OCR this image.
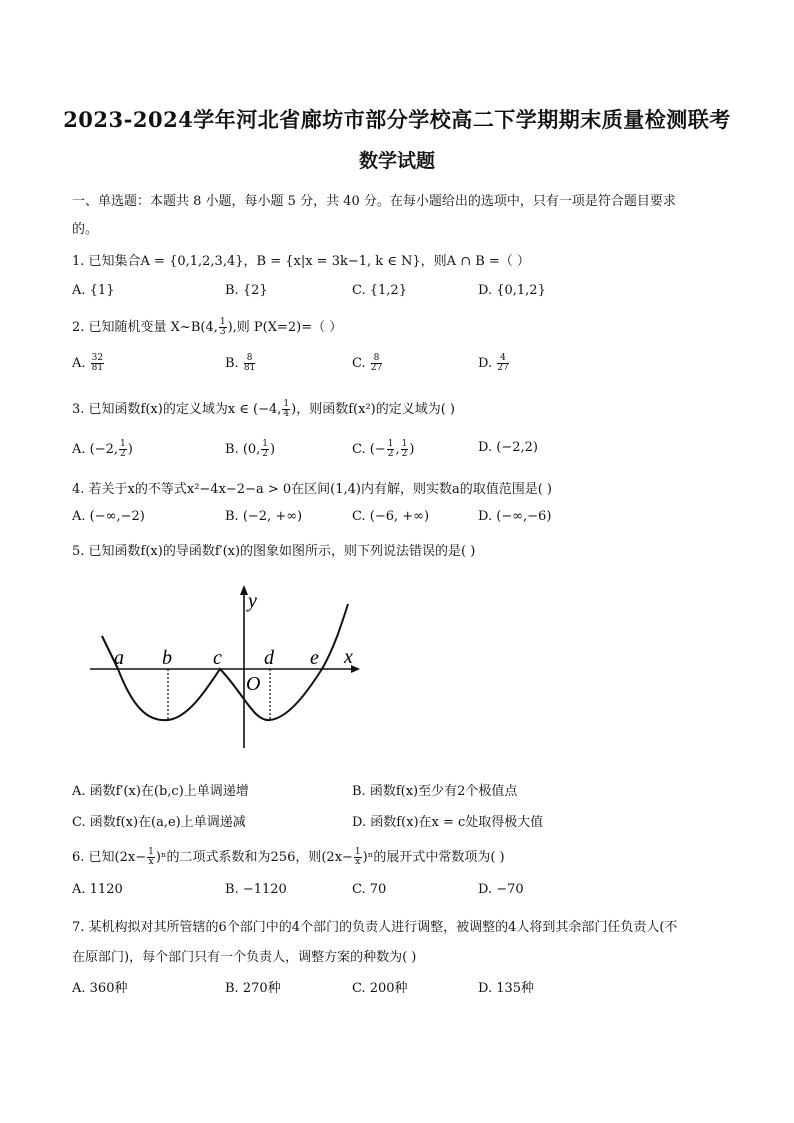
2023-2024学年河北省廊坊市部分学校高二下学期期末质量检测联考
数学试题
一、单选题：本题共 8 小题，每小题 5 分，共 40 分。在每小题给出的选项中，只有一项是符合题目要求
的。
1. 已知集合A = {0,1,2,3,4}，B = {x|x = 3k−1, k ∈ N}，则A ∩ B =（ ）
A. {1}	B. {2}	C. {1,2}	D. {0,1,2}
2. 已知随机变量 X~B(4, $\frac{1}{3}$ ),则 P(X=2)=（ ）
A. $\frac{32}{81}$	B. $\frac{8}{81}$	C. $\frac{8}{27}$	D. $\frac{4}{27}$
3. 已知函数f(x)的定义域为x ∈ (−4, $\frac{1}{4}$ )，则函数f(x²)的定义域为( )
A. (−2, $\frac{1}{2}$ )	B. (0, $\frac{1}{2}$ )	C. (− $\frac{1}{2}$ , $\frac{1}{2}$ )	D. (−2,2)
4. 若关于x的不等式x²−4x−2−a > 0在区间(1,4)内有解，则实数a的取值范围是( )
A. (−∞,−2)	B. (−2, +∞)	C. (−6, +∞)	D. (−∞,−6)
5. 已知函数f(x)的导函数f′(x)的图象如图所示，则下列说法错误的是( )
y
x
a b c d e
O
A. 函数f′(x)在(b,c)上单调递增	B. 函数f(x)至少有2个极值点
C. 函数f(x)在(a,e)上单调递减	D. 函数f(x)在x = c处取得极大值
6. 已知$(2x- \frac{1}{x} )^n$的二项式系数和为256，则$(2x- \frac{1}{x} )^n$的展开式中常数项为( )
A. 1120	B. −1120	C. 70	D. −70
7. 某机构拟对其所管辖的6个部门中的4个部门的负责人进行调整，被调整的4人将到其余部门任负责人(不
在原部门)，每个部门只有一个负责人，调整方案的种数为( )
A. 360种	B. 270种	C. 200种	D. 135种
